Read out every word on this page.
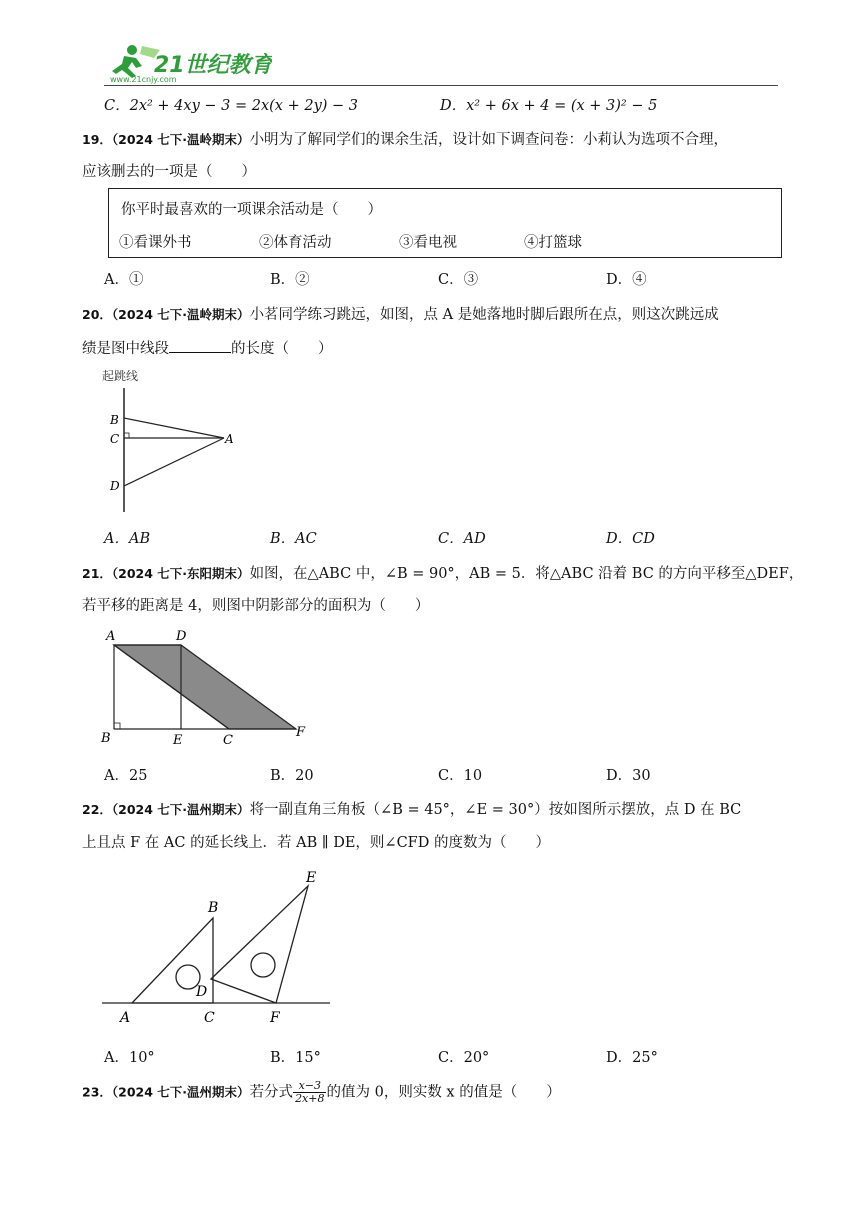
21世纪教育
www.21cnjy.com
C．2x² + 4xy − 3 = 2x(x + 2y) − 3	D．x² + 6x + 4 = (x + 3)² − 5
19．（2024 七下·温岭期末）小明为了解同学们的课余生活，设计如下调查问卷：小莉认为选项不合理，
应该删去的一项是（　　）
你平时最喜欢的一项课余活动是（　　）
①看课外书	②体育活动	③看电视	④打篮球
A．①	B．②	C．③	D．④
20．（2024 七下·温岭期末）小茗同学练习跳远，如图，点 A 是她落地时脚后跟所在点，则这次跳远成
绩是图中线段	的长度（　　）
起跳线
B
C	A
D
A．AB	B．AC	C．AD	D．CD
21．（2024 七下·东阳期末）如图，在△ABC 中，∠B = 90°，AB = 5．将△ABC 沿着 BC 的方向平移至△DEF，
若平移的距离是 4，则图中阴影部分的面积为（　　）
A	D
B	E	C
F
A．25	B．20	C．10	D．30
22．（2024 七下·温州期末）将一副直角三角板（∠B = 45°，∠E = 30°）按如图所示摆放，点 D 在 BC
上且点 F 在 AC 的延长线上．若 AB ∥ DE，则∠CFD 的度数为（　　）
E
B
D
A	C	F
A．10°	B．15°	C．20°	D．25°
23．（2024 七下·温州期末）若分式 $\frac{x-3}{2x+8}$ 的值为 0，则实数 x 的值是（　　）
